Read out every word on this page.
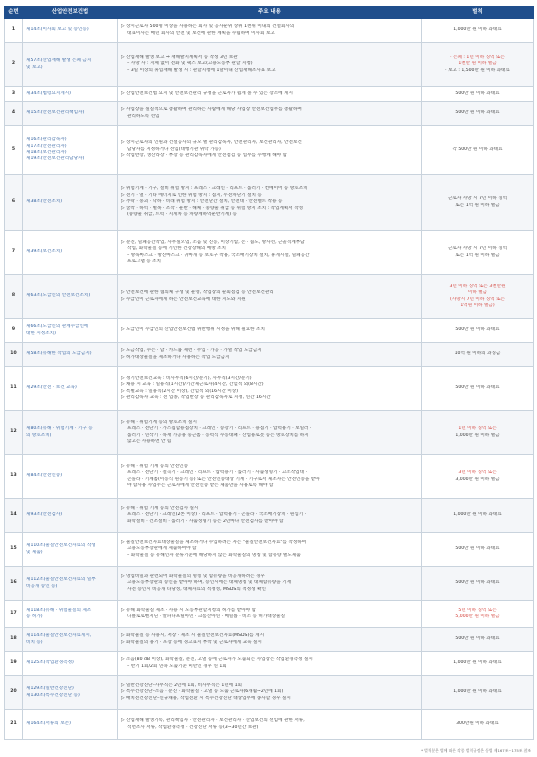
순번	산업안전보건법	주요 내용	벌칙
1	제14조(이사회 보고 및 승인등)	▷ 상시근로자 500명 이상을 사용하는 회사 및 공사순위 상위 1천위 이내의 건설회사의
대표이사는 매년 회사의 안전 및 보건에 관한 계획을 수립하여 이사회 보고	1,000만 원 이하 과태료

2	제57조(산업재해 발생 은폐 금지
및 보고)	▷ 산업재해 발생 보고 ⇒ 재해발지계획서 등 작성 3년 보관
– 사망 사 : 지체 없이 전화 및 팩스 보고(고용노동부 관할 지청)
– 3일 이상의 휴업재해 발생 시 : 관할지청에 1달이내 산업재해조사표 보고	· 은폐 : 1년 이하 징역 또는
1천만 원 이하 벌금
· 보고 : 1,500만 원 이하 과태료

3	제34조(법령요지게시)	▷ 산업안전보건법 요지 및 안전보건관리 규정을 근로자가 쉽게 볼 수 있는 장소에 게시	500만 원 이하 과태료

4	제15조(안전보건관리책임자)	▷ 사업장을 실질적으로 총괄하여 관리하는 사람에게 해당 사업장 안전보건업무를 총괄하여
관리하도록 선임	500만 원 이하 과태료

5	제16조(관리감독자)
제17조(안전관리자)
제18조(보건관리자)
제19조(안전보건관리담당자)	▷ 상시근로자의 인원과 건설공사의 규모 별 관리감독자, 안전관리자, 보건관리자, 안전보건
담당자를 지정하거나 선임(대행기관 위탁 가능)
▷ 작업반장, 생산라장 · 부장 등 관리감독자에게 안전점검 등 업무를 수행케 해야 함	각 500만 원 이하 과태료

6	제38조(안전조치)	▷ 위험기계 · 기구, 설비 위험 방지 : 프레스 · 크레인 · 리프트 · 롤러기 · 컨베이어 등 방호조치
▷ 전기 · 열 · 기타 에너지로 인한 위험 방지 : 접지, 누전차단기 설치 등
▷ 추락 · 붕괴 · 낙하 · 비래 위험 방지 : 안전난간 설치, 안전대 · 안전벨트 착용 등
▷ 굴착 · 하역 · 벌목 · 조작 · 운반 · 해체 · 중량물 취급 등 위험 방지 조치 : 작업계획서 작성
(중량물 취급, 트럭 · 지게차 등 차량계하역운반기계) 등	근로자 사망 시 7년 이하 징역
또는 1억 원 이하 벌금

7	제39조(보건조치)	▷ 분진, 밀폐공간작업, 사무실오염, 소음 및 진동, 이상기압, 온 · 습도, 방사선, 근골격계부담
작업, 화학물질 등에 기인한 건강장해의 예방 조치
– 방독마스크 · 방진마스크 · 귀마개 등 보호구 착용, 국소배기장치 설치, 휴게시설, 밀폐공간
프로그램 등 조치	근로자 사망 시 7년 이하 징역
또는 1억 원 이하 벌금

8	제63조(도급인의 안전보건조치)	▷ 안전보건에 관한 협의체 구성 및 운영, 작업장의 순회점검 등 안전보건관리
▷ 수급인이 근로자에게 하는 안전보건교육에 대한 지도와 지원	3년 이하 징역 또는 3천만원
이하 벌금
(사망시 7년 이하 징역 또는
1억원 이하 벌금)

9	제66조(도급인의 관계수급인에
대한 시정조치)	▷ 도급인이 수급인의 산업안전보건법 위반행위 시정을 위해 필요한 조치	500만 원 이하 과태료

10	제58조(유해한 작업의 도급금지)	▷ 도금작업, 수은 · 납 · 카드뮴 제련 · 주입 · 가공 · 가열 작업 도급금지
▷ 허가대상물질을 제조하거나 사용하는 작업 도급금지	10억 원 이하의 과징금

11	제29조(안전 · 보건 교육)	▷ 정기안전보건교육 : 비사무직(6시간/분기), 사무직(3시간/분기)
▷ 채용 시 교육 : 일용직(1시간)/기간제근로자(4시간, 간헐적 외(8시간)
▷ 특별교육 : 일용직(2시간 이상), 간헐적 외(16시간 이상)
▷ 관리감독자 교육 : 전 업종, 작업반장 등 관리감독자로 지정, 연간 16시간	500만 원 이하 과태료

12	제80조(유해 · 위험기계 · 기구 등
의 방호조치)	▷ 유해 · 위험기계 등의 방호조치 실시
프레스 · 전단기 · 가스집합용접장치 · 크레인 · 승강기 · 리프트 · 용접기 · 압력용기 · 보일러 ·
롤러기 · 연삭기 · 목재 가공용 둥근톱 · 동력식 수동대패 · 산업용로봇 등은 방호장치를 하지
않고는 사용하면 안 됨	1년 이하 징역 또는
1,000만 원 이하 벌금

13	제84조(안전인증)	▷ 유해 · 위험 기계 등의 안전인증
프레스 · 전단기 · 절곡기 · 크레인 · 리프트 · 압력용기 · 롤러기 · 사출성형기 · 고소작업대 ·
곤돌라 · 기계톱(이동식 원동기 등) 또는 안전인증대상 기계 · 기구로서 제조자는 안전인증을 받아
야 함사용 사업주는 근로자에게 안전인증 받은 제품만을 사용토록 해야 함	3년 이하 징역 또는
3,000만 원 이하 벌금

14	제93조(안전검사)	▷ 유해 · 위험 기계 등의 안전검사 실시
프레스 · 전단기 · 크레인(2톤 이상) · 리프트 · 압력용기 · 곤돌라 · 국소배기장치 · 원심기 ·
화학설비 · 건조설비 · 롤러기 · 사출성형기 등은 2년마다 안전검사를 받아야 함	1,000만 원 이하 과태료

15	제110조(물질안전보건자료의 작성
및 제출)	▷ 물질안전보건자료대상물질을 제조하거나 수입하려는 자는 "물질안전보건자료"를 작성하여
고용노동부장관에게 제출하여야 함
– 화학물질 등 유해인자 분류기준에 해당하지 않는 화학물질의 명칭 및 함유량 별도제출	500만 원 이하 과태료

16	제112조(물질안전보건자료의 일부
비공개 승인 등)	▷ 영업비밀과 관련되어 화학물질의 명칭 및 함유량을 비공개하려는 경우
고용노동부장관의 승인을 받아야 하며, 승인시에는 대체명칭 및 대체함유량을 기재
사전 승인시 비공개 타당성, 대체자료의 적정성, MSDS의 적정성 확인	500만 원 이하 과태료

17	제118조(유해 · 위험물질의 제조
등 허가)	▷ 유해 화학물질 제조 · 사용 시 노동부관할지청의 허가를 받아야 함
디클로로벤지딘 · 알파나프틸아민 · 크롬산아연 · 베릴륨 · 비소 등 허가대상물질	5년 이하 징역 또는
5,000만 원 이하 벌금

18	제114조(물질안전보건자료게시,
비치 등)	▷ 화학물질 등 사용시, 저장 · 제조 시 물질안전보건자료(MSDS)를 게시
▷ 화학물질의 용기 · 포장 등에 경고표지 부착 및 근로자에게 교육 실시	500만 원 이하 과태료

19	제125조(작업환경측정)	▷ 소음(80 dB 이상), 화학물질, 분진, 고열 등에 근로자가 노출되는 사업장은 작업환경측정 실시
– 반기 1회/2회 연속 노출기준 미만인 경우 연 1회	1,000만 원 이하 과태료

20	제129조(일반건강진단)
제130조(특수건강진단 등)	▷ 일반건강진단–사무직은 2년에 1회, 비사무직은 1년에 1회
▷ 특수건강진단–소음 · 분진 · 화학물질 · 고열 등 노출 근로자(6개월~2년에 1회)
▷ 배치전건강진단–신규채용, 작업전환 시 특수건강진단 대상업무에 종사할 경우 실시	1,000만 원 이하 과태료

21	제164조(서류의 보존)	▷ 산업재해 발생기록, 관리책임자 · 안전관리자 · 보건관리자 · 산업보건의 선임에 관한 서류,
석면조사 서류, 작업환경측정 · 건강진단 서류 등(3~30년간 보관)	300만원 이하 과태료
* 벌칙분은 법에 따른 각종 벌칙규정은 동법 제167조~175조 참조
